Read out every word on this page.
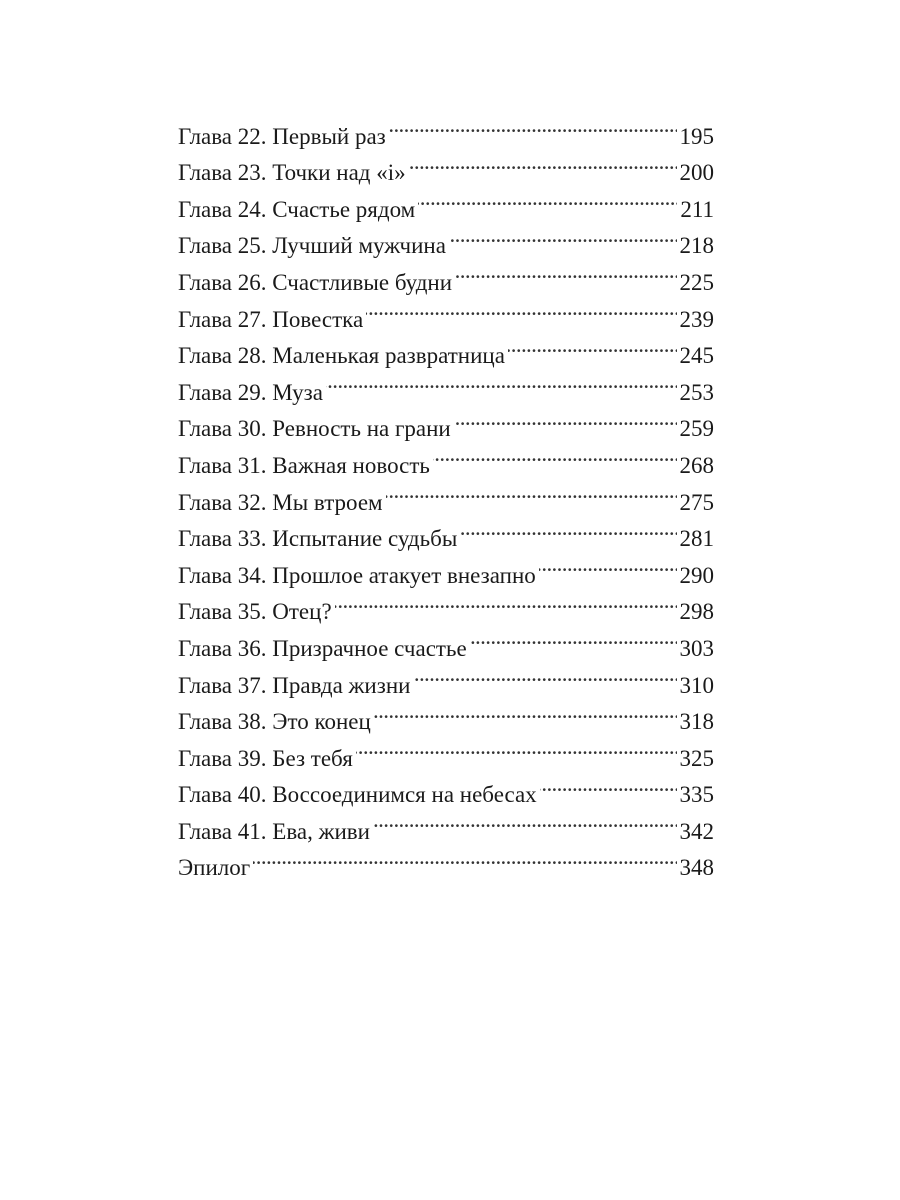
Глава 22. Первый раз . . .	195
Глава 23. Точки над «i» . . .	200
Глава 24. Счастье рядом . . .	211
Глава 25. Лучший мужчина . . .	218
Глава 26. Счастливые будни . . .	225
Глава 27. Повестка . . .	239
Глава 28. Маленькая развратница . . .	245
Глава 29. Муза . . .	253
Глава 30. Ревность на грани . . .	259
Глава 31. Важная новость . . .	268
Глава 32. Мы втроем . . .	275
Глава 33. Испытание судьбы . . .	281
Глава 34. Прошлое атакует внезапно . . .	290
Глава 35. Отец? . . .	298
Глава 36. Призрачное счастье . . .	303
Глава 37. Правда жизни . . .	310
Глава 38. Это конец . . .	318
Глава 39. Без тебя . . .	325
Глава 40. Воссоединимся на небесах . . .	335
Глава 41. Ева, живи . . .	342
Эпилог . . .	348
